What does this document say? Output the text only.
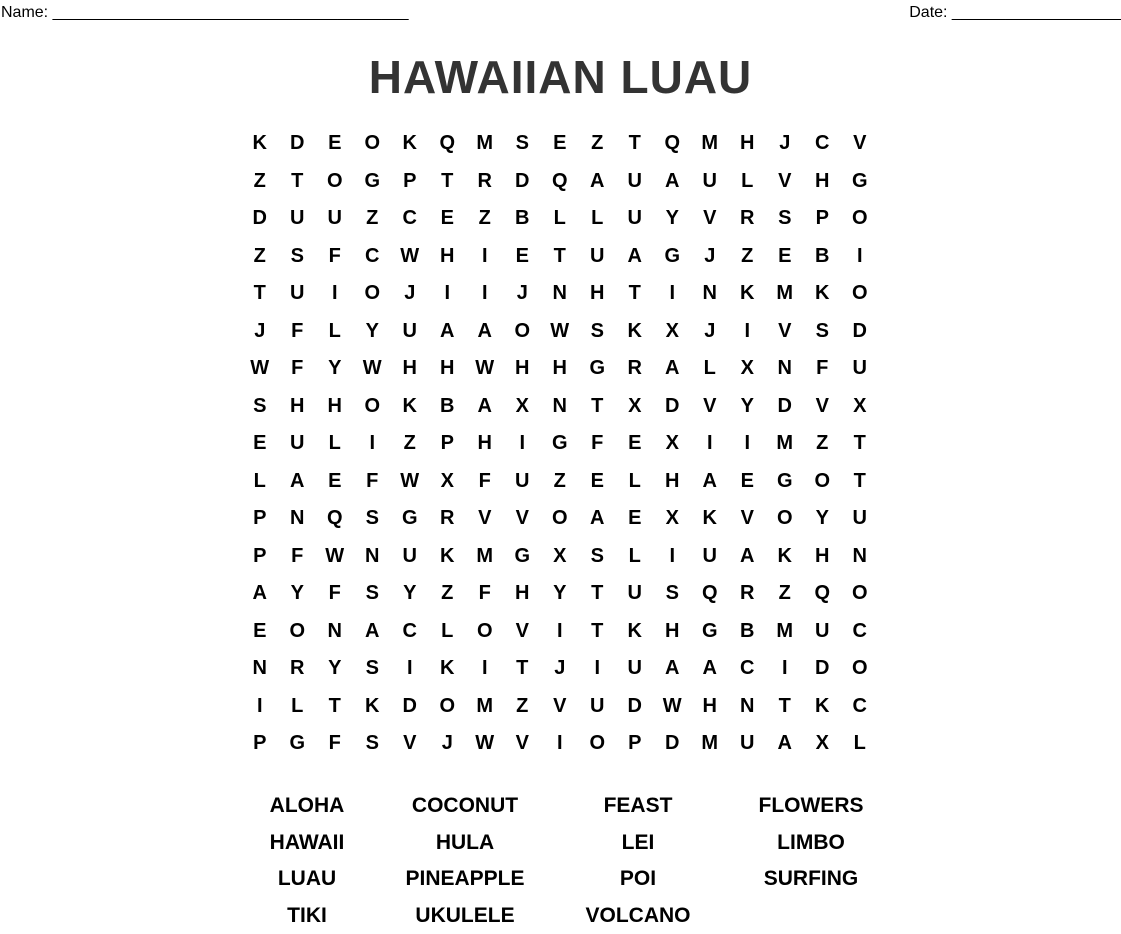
Name: ________________________________________	Date: ___________________
HAWAIIAN LUAU
K	D	E	O	K	Q	M	S	E	Z	T	Q	M	H	J	C	V
Z	T	O	G	P	T	R	D	Q	A	U	A	U	L	V	H	G
D	U	U	Z	C	E	Z	B	L	L	U	Y	V	R	S	P	O
Z	S	F	C	W	H	I	E	T	U	A	G	J	Z	E	B	I
T	U	I	O	J	I	I	J	N	H	T	I	N	K	M	K	O
J	F	L	Y	U	A	A	O	W	S	K	X	J	I	V	S	D
W	F	Y	W	H	H	W	H	H	G	R	A	L	X	N	F	U
S	H	H	O	K	B	A	X	N	T	X	D	V	Y	D	V	X
E	U	L	I	Z	P	H	I	G	F	E	X	I	I	M	Z	T
L	A	E	F	W	X	F	U	Z	E	L	H	A	E	G	O	T
P	N	Q	S	G	R	V	V	O	A	E	X	K	V	O	Y	U
P	F	W	N	U	K	M	G	X	S	L	I	U	A	K	H	N
A	Y	F	S	Y	Z	F	H	Y	T	U	S	Q	R	Z	Q	O
E	O	N	A	C	L	O	V	I	T	K	H	G	B	M	U	C
N	R	Y	S	I	K	I	T	J	I	U	A	A	C	I	D	O
I	L	T	K	D	O	M	Z	V	U	D	W	H	N	T	K	C
P	G	F	S	V	J	W	V	I	O	P	D	M	U	A	X	L
ALOHA	COCONUT	FEAST	FLOWERS
HAWAII	HULA	LEI	LIMBO
LUAU	PINEAPPLE	POI	SURFING
TIKI	UKULELE	VOLCANO
